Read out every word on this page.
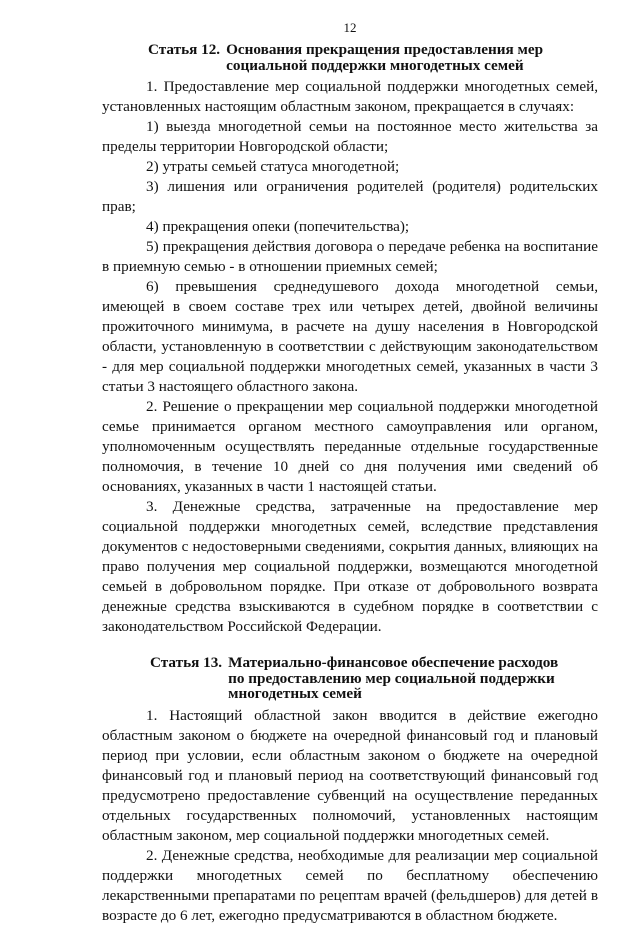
12
Статья 12. Основания прекращения предоставления мер
социальной поддержки многодетных семей

1. Предоставление мер социальной поддержки многодетных семей, установленных настоящим областным законом, прекращается в случаях:

1) выезда многодетной семьи на постоянное место жительства за пределы территории Новгородской области;

2) утраты семьей статуса многодетной;

3) лишения или ограничения родителей (родителя) родительских прав;

4) прекращения опеки (попечительства);

5) прекращения действия договора о передаче ребенка на воспитание в приемную семью - в отношении приемных семей;

6) превышения среднедушевого дохода многодетной семьи, имеющей в своем составе трех или четырех детей, двойной величины прожиточного минимума, в расчете на душу населения в Новгородской области, установленную в соответствии с действующим законодательством - для мер социальной поддержки многодетных семей, указанных в части 3 статьи 3 настоящего областного закона.

2. Решение о прекращении мер социальной поддержки многодетной семье принимается органом местного самоуправления или органом, уполномоченным осуществлять переданные отдельные государственные полномочия, в течение 10 дней со дня получения ими сведений об основаниях, указанных в части 1 настоящей статьи.

3. Денежные средства, затраченные на предоставление мер социальной поддержки многодетных семей, вследствие представления документов с недостоверными сведениями, сокрытия данных, влияющих на право получения мер социальной поддержки, возмещаются многодетной семьей в добровольном порядке. При отказе от добровольного возврата денежные средства взыскиваются в судебном порядке в соответствии с законодательством Российской Федерации.

Статья 13. Материально-финансовое обеспечение расходов
по предоставлению мер социальной поддержки
многодетных семей

1. Настоящий областной закон вводится в действие ежегодно областным законом о бюджете на очередной финансовый год и плановый период при условии, если областным законом о бюджете на очередной финансовый год и плановый период на соответствующий финансовый год предусмотрено предоставление субвенций на осуществление переданных отдельных государственных полномочий, установленных настоящим областным законом, мер социальной поддержки многодетных семей.

2. Денежные средства, необходимые для реализации мер социальной поддержки многодетных семей по бесплатному обеспечению лекарственными препаратами по рецептам врачей (фельдшеров) для детей в возрасте до 6 лет, ежегодно предусматриваются в областном бюджете.
